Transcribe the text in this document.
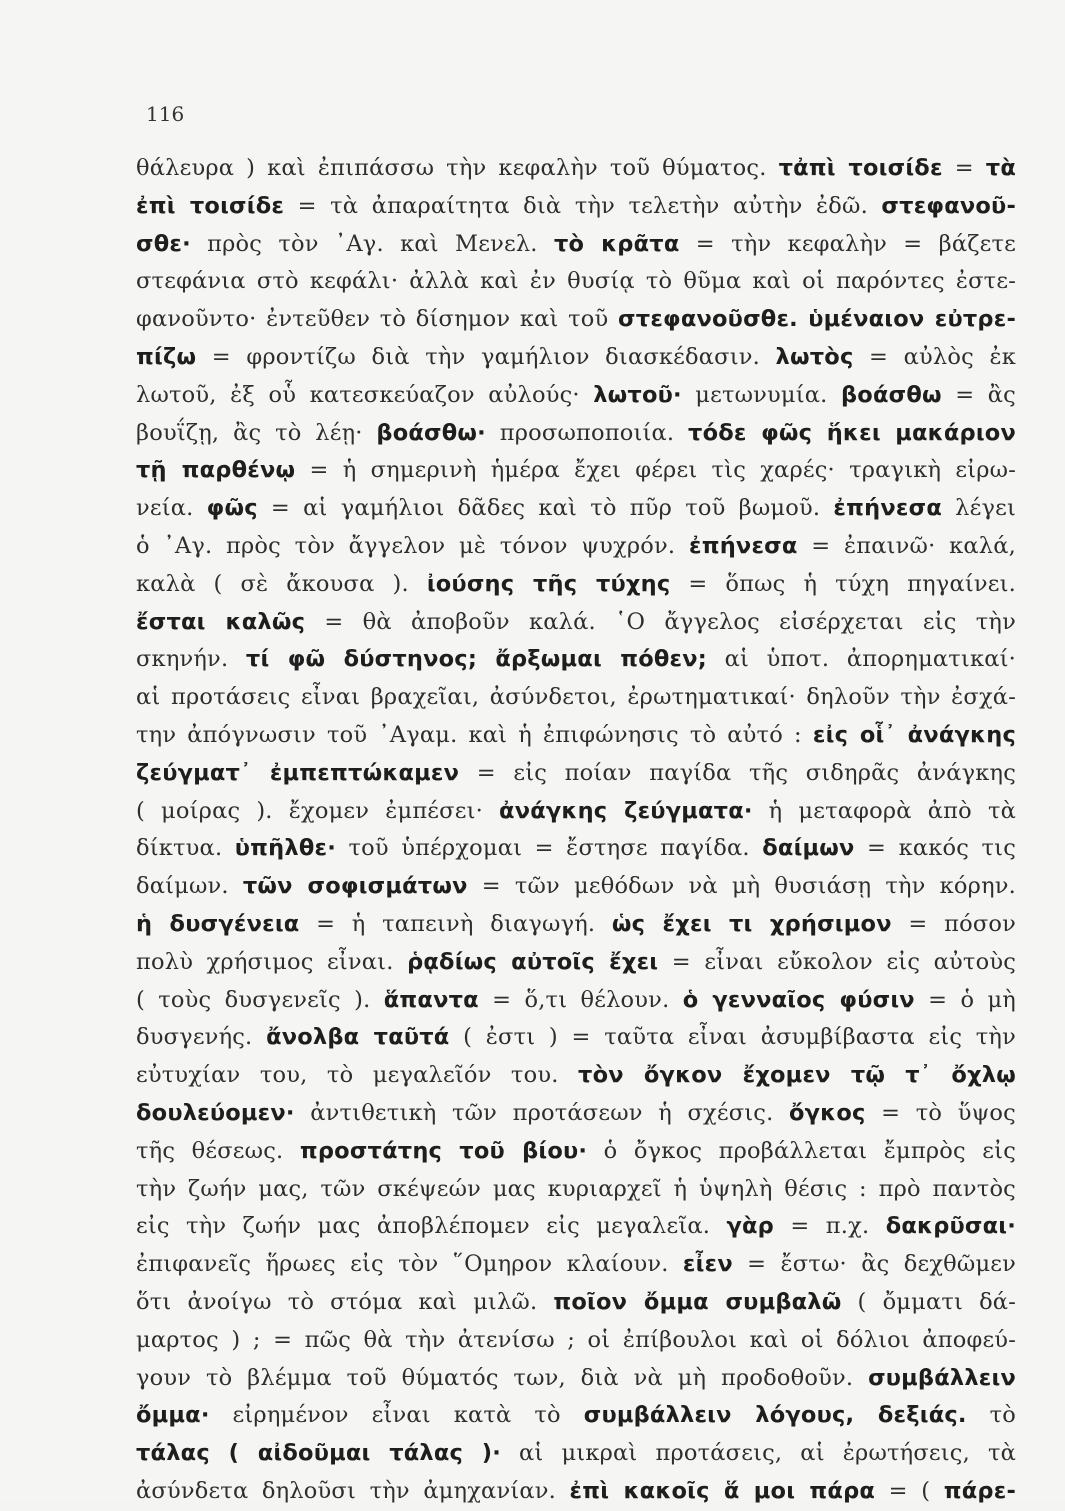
116
θάλευρα ) καὶ ἐπιπάσσω τὴν κεφαλὴν τοῦ θύματος. τἀπὶ τοισίδε = τὰ
ἐπὶ τοισίδε = τὰ ἀπαραίτητα διὰ τὴν τελετὴν αὐτὴν ἐδῶ. στεφανοῦ-
σθε· πρὸς τὸν ᾿Αγ. καὶ Μενελ. τὸ κρᾶτα = τὴν κεφαλὴν = βάζετε
στεφάνια στὸ κεφάλι· ἀλλὰ καὶ ἐν θυσίᾳ τὸ θῦμα καὶ οἱ παρόντες ἐστε-
φανοῦντο· ἐντεῦθεν τὸ δίσημον καὶ τοῦ στεφανοῦσθε. ὑμέναιον εὐτρε-
πίζω = φροντίζω διὰ τὴν γαμήλιον διασκέδασιν. λωτὸς = αὐλὸς ἐκ
λωτοῦ, ἐξ οὗ κατεσκεύαζον αὐλούς· λωτοῦ· μετωνυμία. βοάσθω = ἂς
βουΐζῃ, ἂς τὸ λέῃ· βοάσθω· προσωποποιία. τόδε φῶς ἥκει μακάριον
τῇ παρθένῳ = ἡ σημερινὴ ἡμέρα ἔχει φέρει τὶς χαρές· τραγικὴ εἰρω-
νεία. φῶς = αἱ γαμήλιοι δᾶδες καὶ τὸ πῦρ τοῦ βωμοῦ. ἐπήνεσα λέγει
ὁ ᾿Αγ. πρὸς τὸν ἄγγελον μὲ τόνον ψυχρόν. ἐπήνεσα = ἐπαινῶ· καλά,
καλὰ ( σὲ ἄκουσα ). ἰούσης τῆς τύχης = ὅπως ἡ τύχη πηγαίνει.
ἔσται καλῶς = θὰ ἀποβοῦν καλά. ῾Ο ἄγγελος εἰσέρχεται εἰς τὴν
σκηνήν. τί φῶ δύστηνος; ἄρξωμαι πόθεν; αἱ ὑποτ. ἀπορηματικαί·
αἱ προτάσεις εἶναι βραχεῖαι, ἀσύνδετοι, ἐρωτηματικαί· δηλοῦν τὴν ἐσχά-
την ἀπόγνωσιν τοῦ ᾿Αγαμ. καὶ ἡ ἐπιφώνησις τὸ αὐτό : εἰς οἷ᾿ ἀνάγκης
ζεύγματ᾿ ἐμπεπτώκαμεν = εἰς ποίαν παγίδα τῆς σιδηρᾶς ἀνάγκης
( μοίρας ). ἔχομεν ἐμπέσει· ἀνάγκης ζεύγματα· ἡ μεταφορὰ ἀπὸ τὰ
δίκτυα. ὑπῆλθε· τοῦ ὑπέρχομαι = ἔστησε παγίδα. δαίμων = κακός τις
δαίμων. τῶν σοφισμάτων = τῶν μεθόδων νὰ μὴ θυσιάσῃ τὴν κόρην.
ἡ δυσγένεια = ἡ ταπεινὴ διαγωγή. ὡς ἔχει τι χρήσιμον = πόσον
πολὺ χρήσιμος εἶναι. ῥᾳδίως αὐτοῖς ἔχει = εἶναι εὔκολον εἰς αὐτοὺς
( τοὺς δυσγενεῖς ). ἅπαντα = ὅ,τι θέλουν. ὁ γενναῖος φύσιν = ὁ μὴ
δυσγενής. ἄνολβα ταῦτά ( ἐστι ) = ταῦτα εἶναι ἀσυμβίβαστα εἰς τὴν
εὐτυχίαν του, τὸ μεγαλεῖόν του. τὸν ὄγκον ἔχομεν τῷ τ᾿ ὄχλῳ
δουλεύομεν· ἀντιθετικὴ τῶν προτάσεων ἡ σχέσις. ὄγκος = τὸ ὕψος
τῆς θέσεως. προστάτης τοῦ βίου· ὁ ὄγκος προβάλλεται ἔμπρὸς εἰς
τὴν ζωήν μας, τῶν σκέψεών μας κυριαρχεῖ ἡ ὑψηλὴ θέσις : πρὸ παντὸς
εἰς τὴν ζωήν μας ἀποβλέπομεν εἰς μεγαλεῖα. γὰρ = π.χ. δακρῦσαι·
ἐπιφανεῖς ἥρωες εἰς τὸν ῞Ομηρον κλαίουν. εἶεν = ἔστω· ἂς δεχθῶμεν
ὅτι ἀνοίγω τὸ στόμα καὶ μιλῶ. ποῖον ὄμμα συμβαλῶ ( ὄμματι δά-
μαρτος ) ; = πῶς θὰ τὴν ἀτενίσω ; οἱ ἐπίβουλοι καὶ οἱ δόλιοι ἀποφεύ-
γουν τὸ βλέμμα τοῦ θύματός των, διὰ νὰ μὴ προδοθοῦν. συμβάλλειν
ὄμμα· εἰρημένον εἶναι κατὰ τὸ συμβάλλειν λόγους, δεξιάς. τὸ
τάλας ( αἰδοῦμαι τάλας )· αἱ μικραὶ προτάσεις, αἱ ἐρωτήσεις, τὰ
ἀσύνδετα δηλοῦσι τὴν ἀμηχανίαν. ἐπὶ κακοῖς ἅ μοι πάρα = ( πάρε-
